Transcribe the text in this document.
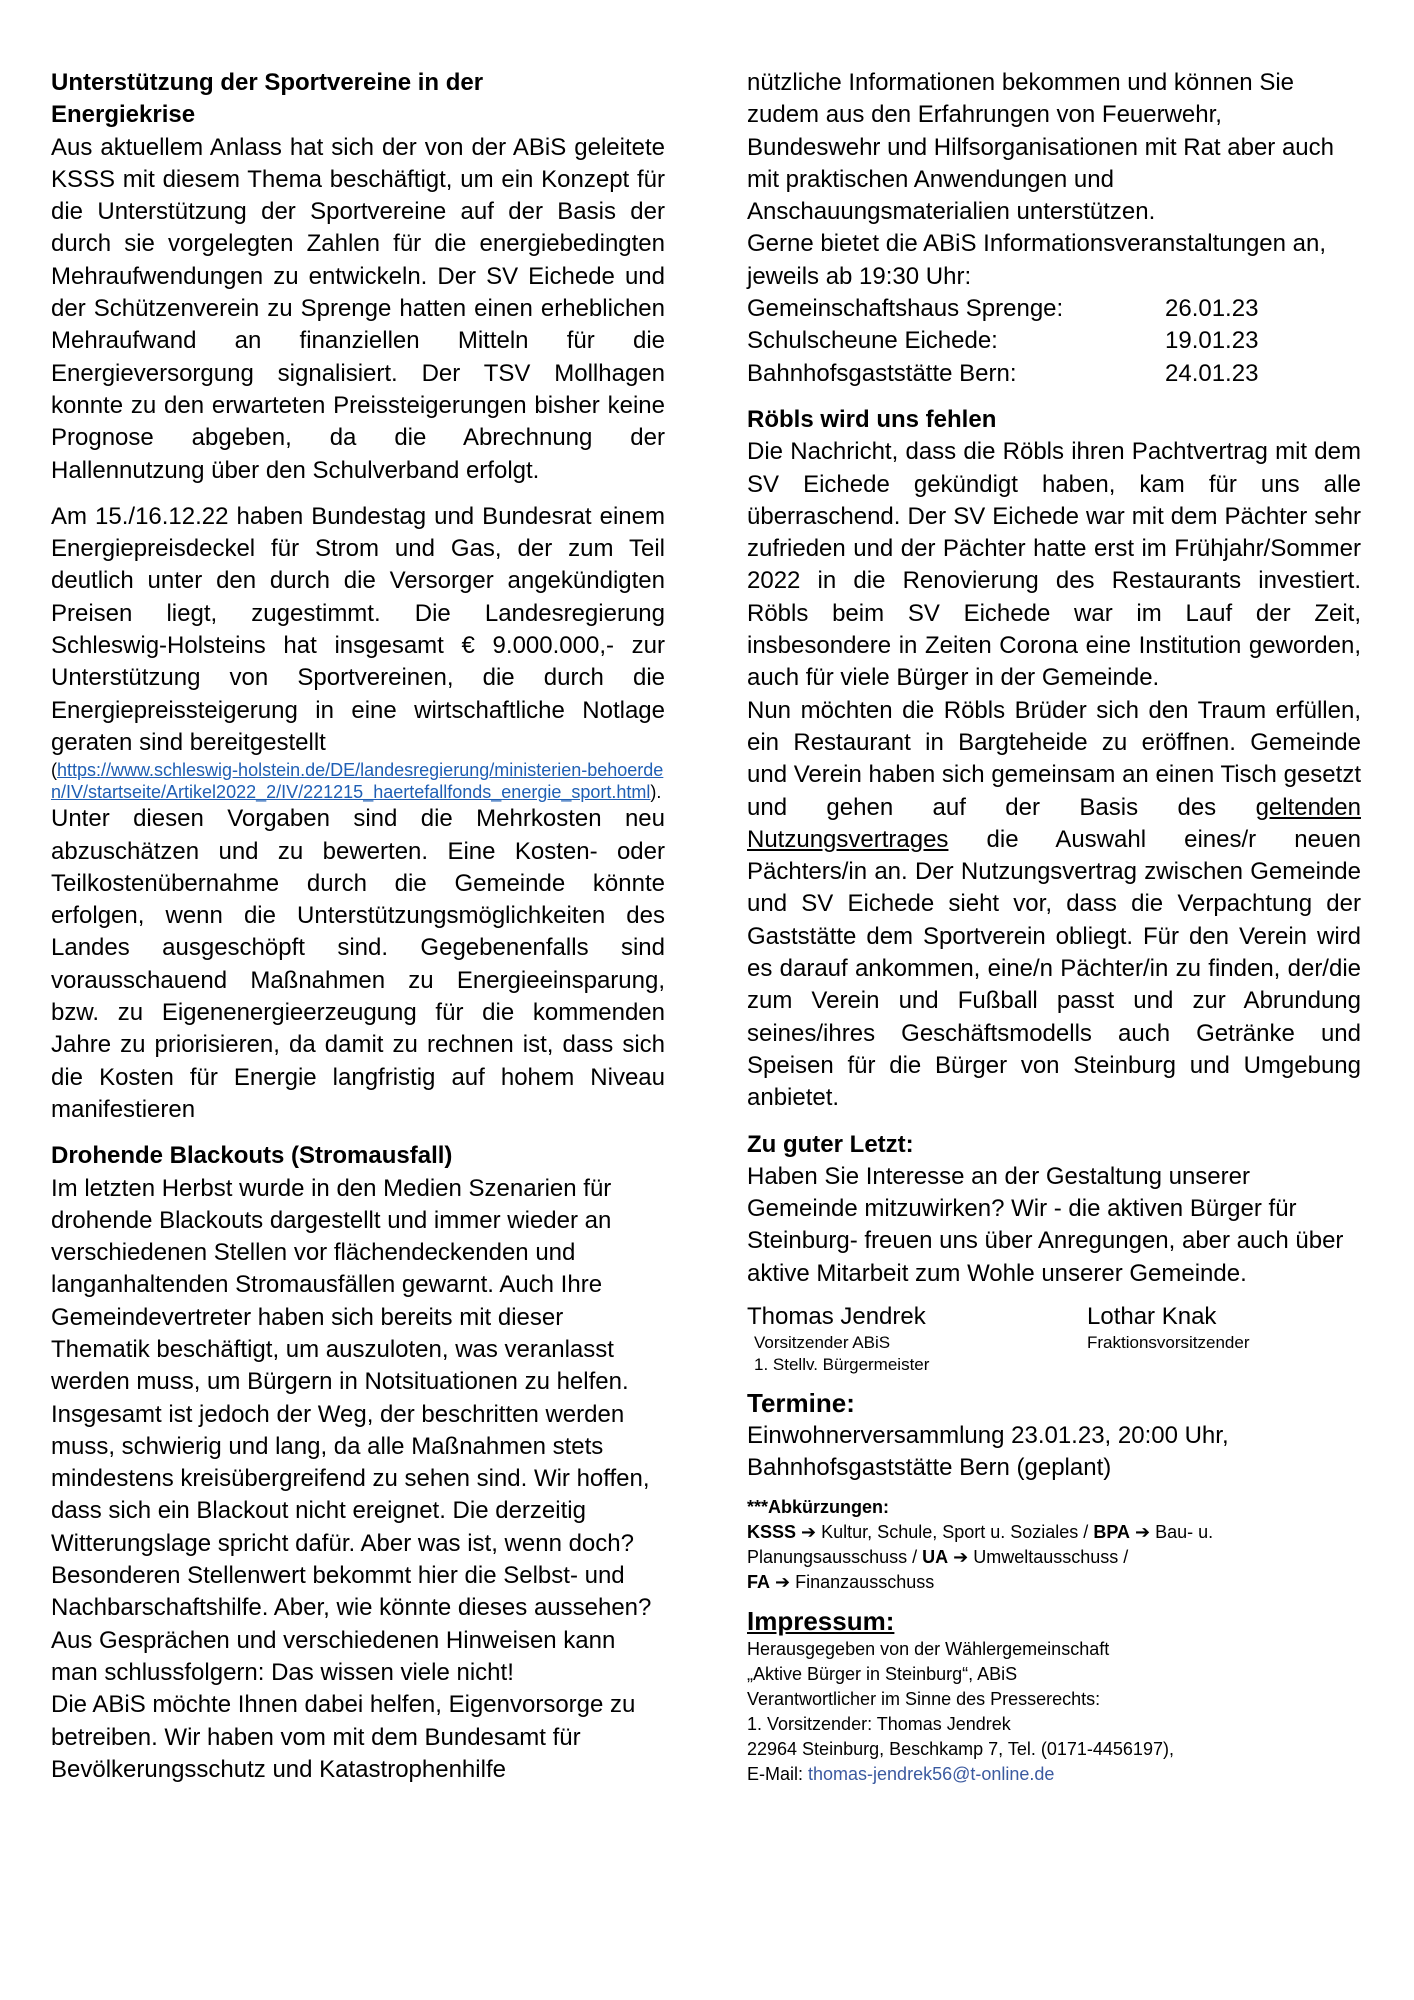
Unterstützung der Sportvereine in der

Energiekrise

Aus aktuellem Anlass hat sich der von der ABiS geleitete KSSS mit diesem Thema beschäftigt, um ein Konzept für die Unterstützung der Sportvereine auf der Basis der durch sie vorgelegten Zahlen für die energiebedingten Mehraufwendungen zu entwickeln. Der SV Eichede und der Schützenverein zu Sprenge hatten einen erheblichen Mehraufwand an finanziellen Mitteln für die Energieversorgung signalisiert. Der TSV Mollhagen konnte zu den erwarteten Preissteigerungen bisher keine Prognose abgeben, da die Abrechnung der Hallennutzung über den Schulverband erfolgt.

Am 15./16.12.22 haben Bundestag und Bundesrat einem Energiepreisdeckel für Strom und Gas, der zum Teil deutlich unter den durch die Versorger angekündigten Preisen liegt, zugestimmt. Die Landesregierung Schleswig-Holsteins hat insgesamt € 9.000.000,- zur Unterstützung von Sportvereinen, die durch die Energiepreissteigerung in eine wirtschaftliche Notlage geraten sind bereitgestellt

(https://www.schleswig-holstein.de/DE/landesregierung/ministerien-behoerden/IV/startseite/Artikel2022_2/IV/221215_haertefallfonds_energie_sport.html).

Unter diesen Vorgaben sind die Mehrkosten neu abzuschätzen und zu bewerten. Eine Kosten- oder Teilkostenübernahme durch die Gemeinde könnte erfolgen, wenn die Unterstützungsmöglichkeiten des Landes ausgeschöpft sind. Gegebenenfalls sind vorausschauend Maßnahmen zu Energieeinsparung, bzw. zu Eigenenergieerzeugung für die kommenden Jahre zu priorisieren, da damit zu rechnen ist, dass sich die Kosten für Energie langfristig auf hohem Niveau manifestieren

Drohende Blackouts (Stromausfall)

Im letzten Herbst wurde in den Medien Szenarien für drohende Blackouts dargestellt und immer wieder an verschiedenen Stellen vor flächendeckenden und langanhaltenden Stromausfällen gewarnt. Auch Ihre Gemeindevertreter haben sich bereits mit dieser Thematik beschäftigt, um auszuloten, was veranlasst werden muss, um Bürgern in Notsituationen zu helfen. Insgesamt ist jedoch der Weg, der beschritten werden muss, schwierig und lang, da alle Maßnahmen stets mindestens kreisübergreifend zu sehen sind. Wir hoffen, dass sich ein Blackout nicht ereignet. Die derzeitig Witterungslage spricht dafür. Aber was ist, wenn doch? Besonderen Stellenwert bekommt hier die Selbst- und Nachbarschaftshilfe. Aber, wie könnte dieses aussehen? Aus Gesprächen und verschiedenen Hinweisen kann man schlussfolgern: Das wissen viele nicht!

Die ABiS möchte Ihnen dabei helfen, Eigenvorsorge zu betreiben. Wir haben vom mit dem Bundesamt für Bevölkerungsschutz und Katastrophenhilfe

nützliche Informationen bekommen und können Sie zudem aus den Erfahrungen von Feuerwehr, Bundeswehr und Hilfsorganisationen mit Rat aber auch mit praktischen Anwendungen und Anschauungsmaterialien unterstützen.

Gerne bietet die ABiS Informationsveranstaltungen an, jeweils ab 19:30 Uhr:

Gemeinschaftshaus Sprenge:	26.01.23
Schulscheune Eichede:	19.01.23
Bahnhofsgaststätte Bern:	24.01.23

Röbls wird uns fehlen

Die Nachricht, dass die Röbls ihren Pachtvertrag mit dem SV Eichede gekündigt haben, kam für uns alle überraschend. Der SV Eichede war mit dem Pächter sehr zufrieden und der Pächter hatte erst im Frühjahr/Sommer 2022 in die Renovierung des Restaurants investiert. Röbls beim SV Eichede war im Lauf der Zeit, insbesondere in Zeiten Corona eine Institution geworden, auch für viele Bürger in der Gemeinde.

Nun möchten die Röbls Brüder sich den Traum erfüllen, ein Restaurant in Bargteheide zu eröffnen. Gemeinde und Verein haben sich gemeinsam an einen Tisch gesetzt und gehen auf der Basis des geltenden Nutzungsvertrages die Auswahl eines/r neuen Pächters/in an. Der Nutzungsvertrag zwischen Gemeinde und SV Eichede sieht vor, dass die Verpachtung der Gaststätte dem Sportverein obliegt. Für den Verein wird es darauf ankommen, eine/n Pächter/in zu finden, der/die zum Verein und Fußball passt und zur Abrundung seines/ihres Geschäftsmodells auch Getränke und Speisen für die Bürger von Steinburg und Umgebung anbietet.

Zu guter Letzt:

Haben Sie Interesse an der Gestaltung unserer Gemeinde mitzuwirken? Wir - die aktiven Bürger für Steinburg- freuen uns über Anregungen, aber auch über aktive Mitarbeit zum Wohle unserer Gemeinde.

Thomas Jendrek
Vorsitzender ABiS
1. Stellv. Bürgermeister
Lothar Knak
Fraktionsvorsitzender
Termine:

Einwohnerversammlung 23.01.23, 20:00 Uhr, Bahnhofsgaststätte Bern (geplant)

***Abkürzungen:
KSSS ➔ Kultur, Schule, Sport u. Soziales / BPA ➔ Bau- u. Planungsausschuss / UA ➔ Umweltausschuss /
FA ➔ Finanzausschuss
Impressum:
Herausgegeben von der Wählergemeinschaft
„Aktive Bürger in Steinburg“, ABiS
Verantwortlicher im Sinne des Presserechts:
1. Vorsitzender: Thomas Jendrek
22964 Steinburg, Beschkamp 7, Tel. (0171-4456197),
E-Mail: thomas-jendrek56@t-online.de
